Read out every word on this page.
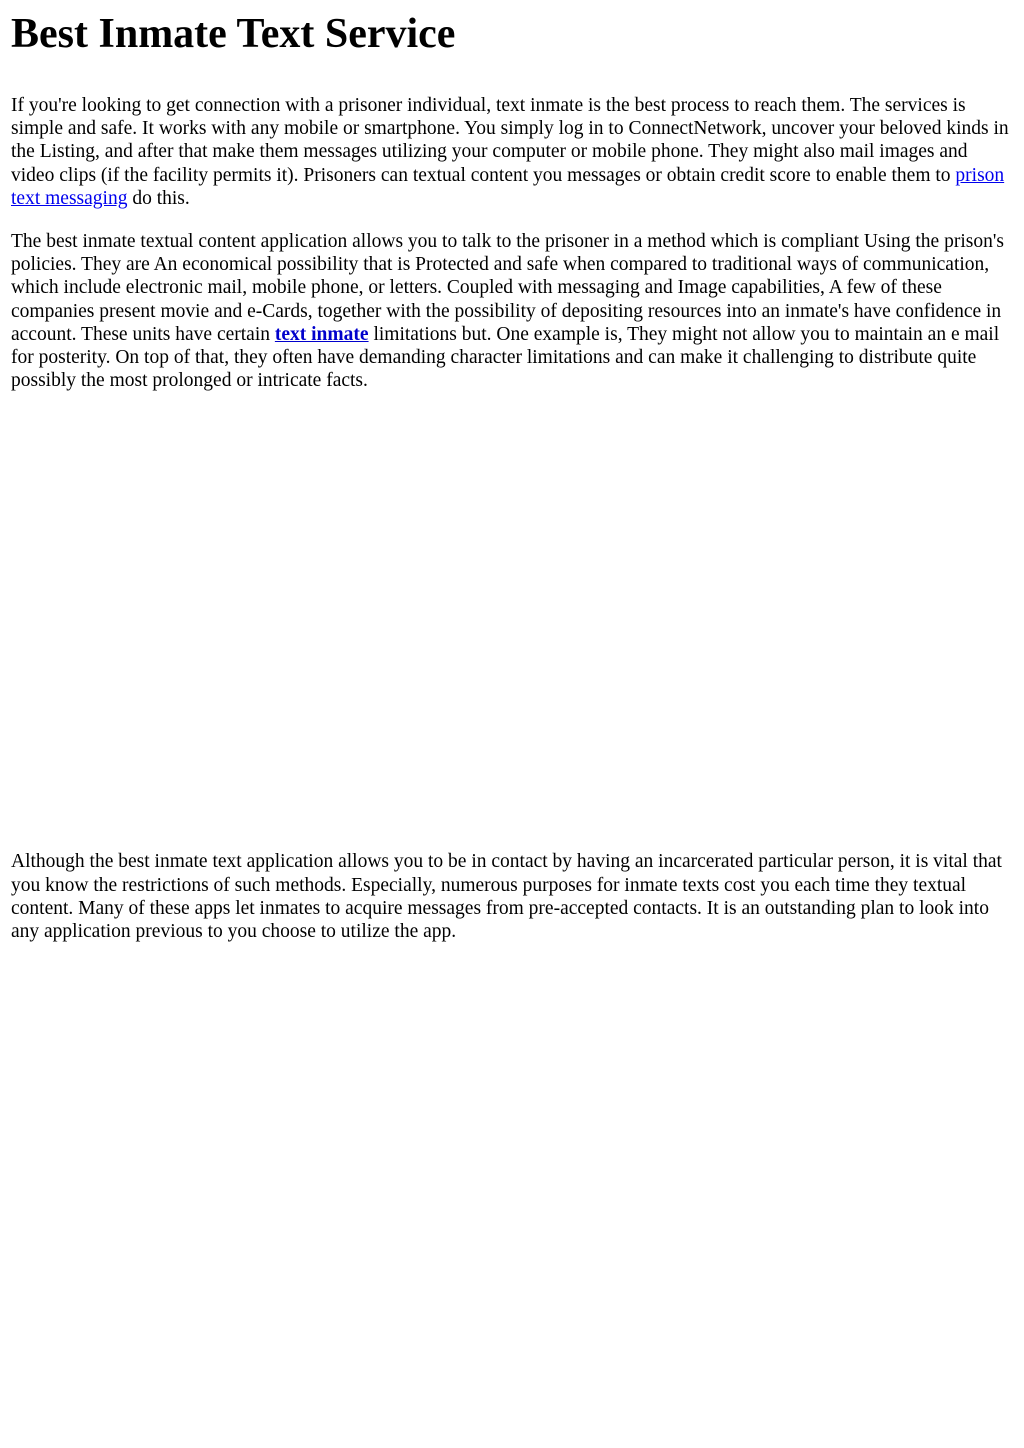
Best Inmate Text Service

If you're looking to get connection with a prisoner individual, text inmate is the best process to reach them. The services is simple and safe. It works with any mobile or smartphone. You simply log in to ConnectNetwork, uncover your beloved kinds in the Listing, and after that make them messages utilizing your computer or mobile phone. They might also mail images and video clips (if the facility permits it). Prisoners can textual content you messages or obtain credit score to enable them to prison text messaging do this.

The best inmate textual content application allows you to talk to the prisoner in a method which is compliant Using the prison's policies. They are An economical possibility that is Protected and safe when compared to traditional ways of communication, which include electronic mail, mobile phone, or letters. Coupled with messaging and Image capabilities, A few of these companies present movie and e-Cards, together with the possibility of depositing resources into an inmate's have confidence in account. These units have certain text inmate limitations but. One example is, They might not allow you to maintain an e mail for posterity. On top of that, they often have demanding character limitations and can make it challenging to distribute quite possibly the most prolonged or intricate facts.

Although the best inmate text application allows you to be in contact by having an incarcerated particular person, it is vital that you know the restrictions of such methods. Especially, numerous purposes for inmate texts cost you each time they textual content. Many of these apps let inmates to acquire messages from pre-accepted contacts. It is an outstanding plan to look into any application previous to you choose to utilize the app.
